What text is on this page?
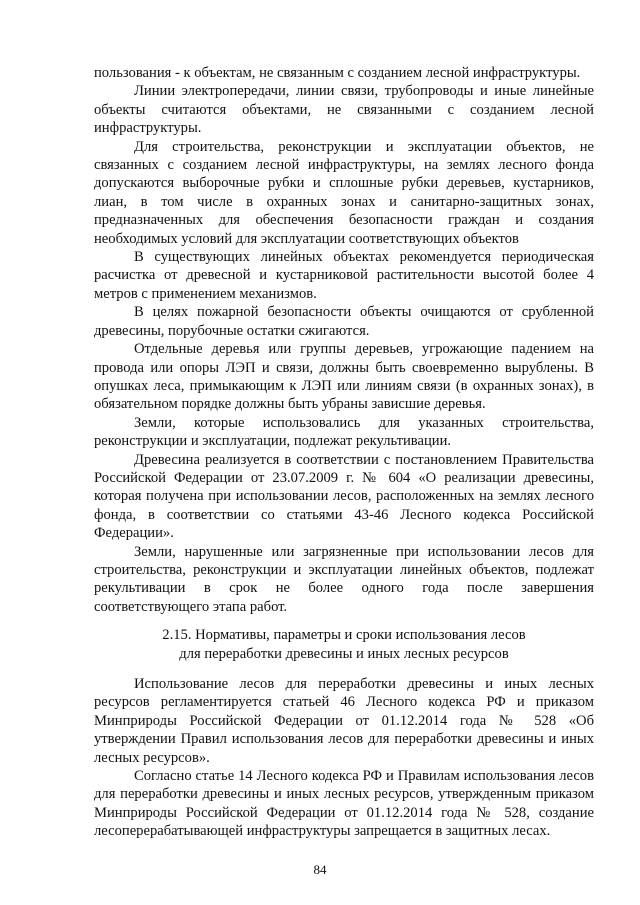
пользования - к объектам, не связанным с созданием лесной инфраструктуры.

Линии электропередачи, линии связи, трубопроводы и иные линейные объекты считаются объектами, не связанными с созданием лесной инфраструктуры.

Для строительства, реконструкции и эксплуатации объектов, не связанных с созданием лесной инфраструктуры, на землях лесного фонда допускаются выборочные рубки и сплошные рубки деревьев, кустарников, лиан, в том числе в охранных зонах и санитарно-защитных зонах, предназначенных для обеспечения безопасности граждан и создания необходимых условий для эксплуатации соответствующих объектов

В существующих линейных объектах рекомендуется периодическая расчистка от древесной и кустарниковой растительности высотой более 4 метров с применением механизмов.

В целях пожарной безопасности объекты очищаются от срубленной древесины, порубочные остатки сжигаются.

Отдельные деревья или группы деревьев, угрожающие падением на провода или опоры ЛЭП и связи, должны быть своевременно вырублены. В опушках леса, примыкающим к ЛЭП или линиям связи (в охранных зонах), в обязательном порядке должны быть убраны зависшие деревья.

Земли, которые использовались для указанных строительства, реконструкции и эксплуатации, подлежат рекультивации.

Древесина реализуется в соответствии с постановлением Правительства Российской Федерации от 23.07.2009 г. № 604 «О реализации древесины, которая получена при использовании лесов, расположенных на землях лесного фонда, в соответствии со статьями 43-46 Лесного кодекса Российской Федерации».

Земли, нарушенные или загрязненные при использовании лесов для строительства, реконструкции и эксплуатации линейных объектов, подлежат рекультивации в срок не более одного года после завершения соответствующего этапа работ.

2.15. Нормативы, параметры и сроки использования лесов
для переработки древесины и иных лесных ресурсов

Использование лесов для переработки древесины и иных лесных ресурсов регламентируется статьей 46 Лесного кодекса РФ и приказом Минприроды Российской Федерации от 01.12.2014 года № 528 «Об утверждении Правил использования лесов для переработки древесины и иных лесных ресурсов».

Согласно статье 14 Лесного кодекса РФ и Правилам использования лесов для переработки древесины и иных лесных ресурсов, утвержденным приказом Минприроды Российской Федерации от 01.12.2014 года № 528, создание лесоперерабатывающей инфраструктуры запрещается в защитных лесах.

84
